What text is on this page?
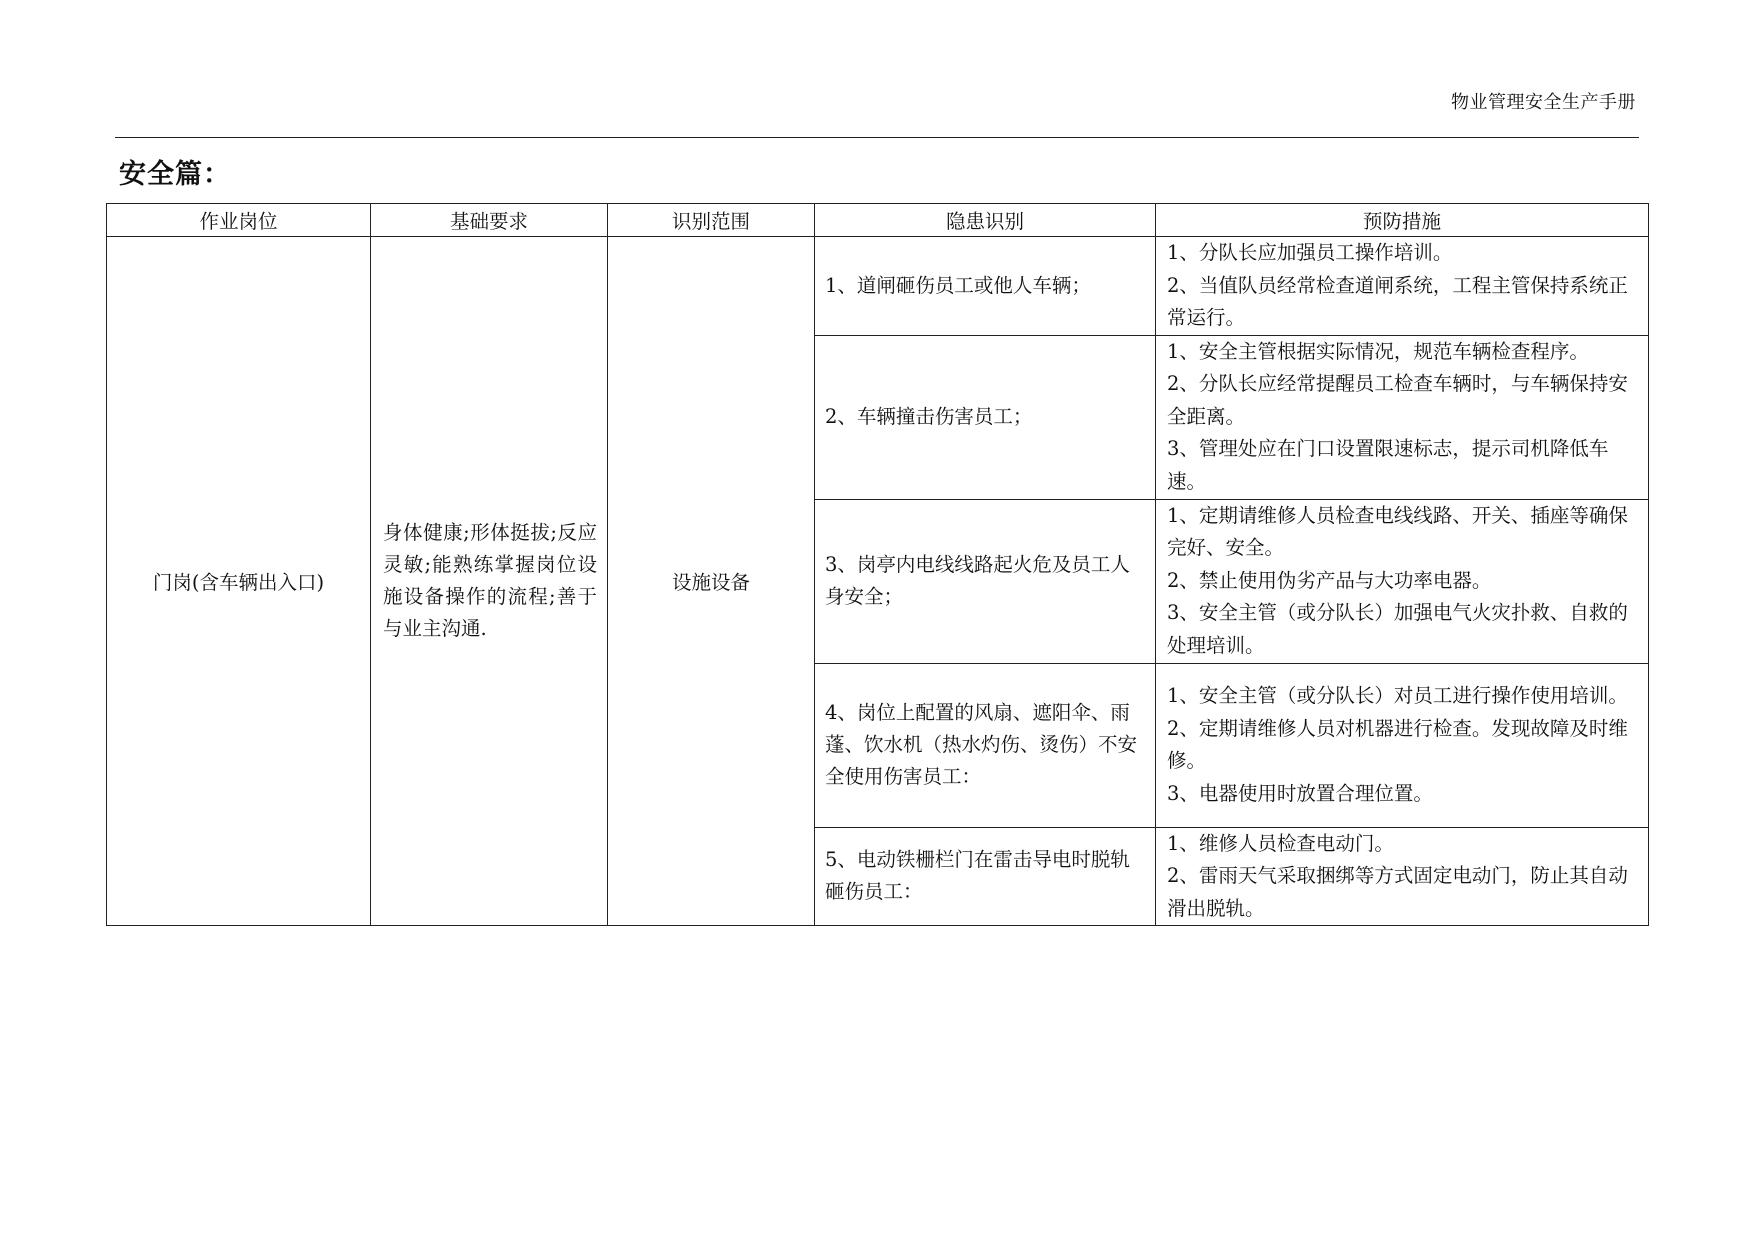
物业管理安全生产手册
安全篇：
作业岗位	基础要求	识别范围	隐患识别	预防措施
门岗(含车辆出入口)	身体健康;形体挺拔;反应灵敏;能熟练掌握岗位设施设备操作的流程;善于与业主沟通.	设施设备	1、道闸砸伤员工或他人车辆；	1、分队长应加强员工操作培训。
2、当值队员经常检查道闸系统，工程主管保持系统正常运行。

			2、车辆撞击伤害员工；	1、安全主管根据实际情况，规范车辆检查程序。
2、分队长应经常提醒员工检查车辆时，与车辆保持安全距离。
3、管理处应在门口设置限速标志，提示司机降低车速。

			3、岗亭内电线线路起火危及员工人身安全；	1、定期请维修人员检查电线线路、开关、插座等确保完好、安全。
2、禁止使用伪劣产品与大功率电器。
3、安全主管（或分队长）加强电气火灾扑救、自救的处理培训。

			4、岗位上配置的风扇、遮阳伞、雨蓬、饮水机（热水灼伤、烫伤）不安全使用伤害员工：	1、安全主管（或分队长）对员工进行操作使用培训。
2、定期请维修人员对机器进行检查。发现故障及时维修。
3、电器使用时放置合理位置。

			5、电动铁栅栏门在雷击导电时脱轨砸伤员工：	1、维修人员检查电动门。
2、雷雨天气采取捆绑等方式固定电动门，防止其自动滑出脱轨。
